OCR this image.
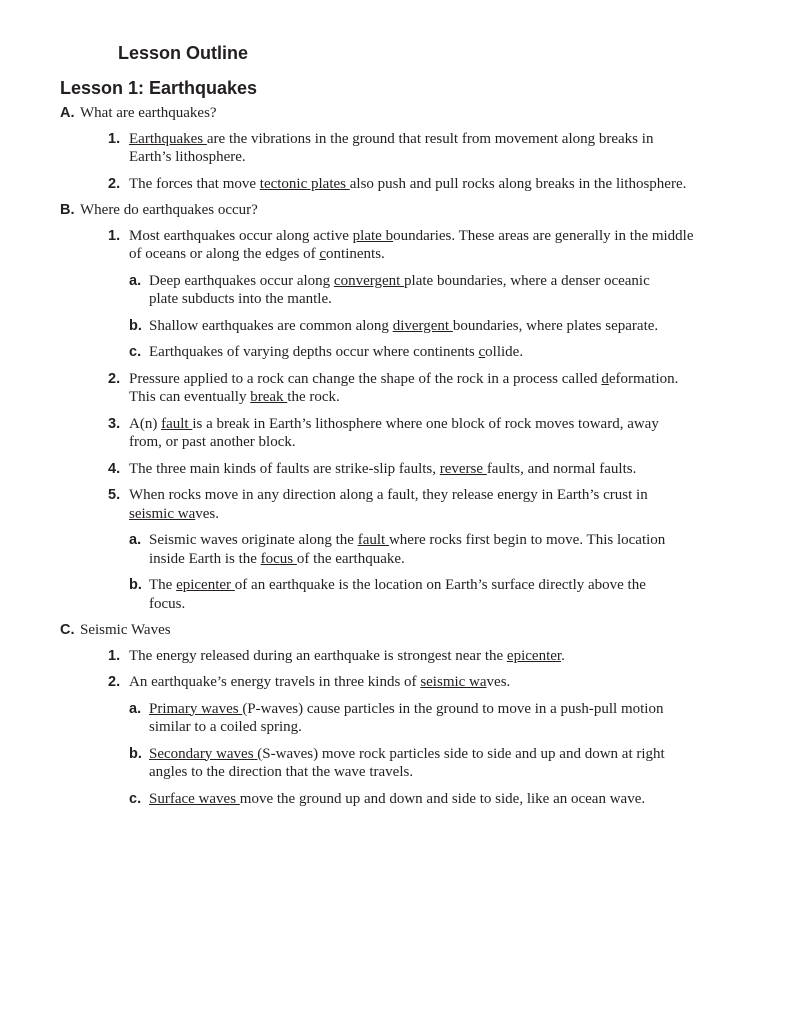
Lesson Outline
Lesson 1: Earthquakes
A. What are earthquakes?
1. Earthquakes are the vibrations in the ground that result from movement along breaks in Earth’s lithosphere.
2. The forces that move tectonic plates also push and pull rocks along breaks in the lithosphere.
B. Where do earthquakes occur?
1. Most earthquakes occur along active plate boundaries. These areas are generally in the middle of oceans or along the edges of continents.
a. Deep earthquakes occur along convergent plate boundaries, where a denser oceanic plate subducts into the mantle.
b. Shallow earthquakes are common along divergent boundaries, where plates separate.
c. Earthquakes of varying depths occur where continents collide.
2. Pressure applied to a rock can change the shape of the rock in a process called deformation. This can eventually break the rock.
3. A(n) fault is a break in Earth’s lithosphere where one block of rock moves toward, away from, or past another block.
4. The three main kinds of faults are strike-slip faults, reverse faults, and normal faults.
5. When rocks move in any direction along a fault, they release energy in Earth’s crust in seismic waves.
a. Seismic waves originate along the fault where rocks first begin to move. This location inside Earth is the focus of the earthquake.
b. The epicenter of an earthquake is the location on Earth’s surface directly above the focus.
C. Seismic Waves
1. The energy released during an earthquake is strongest near the epicenter.
2. An earthquake’s energy travels in three kinds of seismic waves.
a. Primary waves (P-waves) cause particles in the ground to move in a push-pull motion similar to a coiled spring.
b. Secondary waves (S-waves) move rock particles side to side and up and down at right angles to the direction that the wave travels.
c. Surface waves move the ground up and down and side to side, like an ocean wave.
